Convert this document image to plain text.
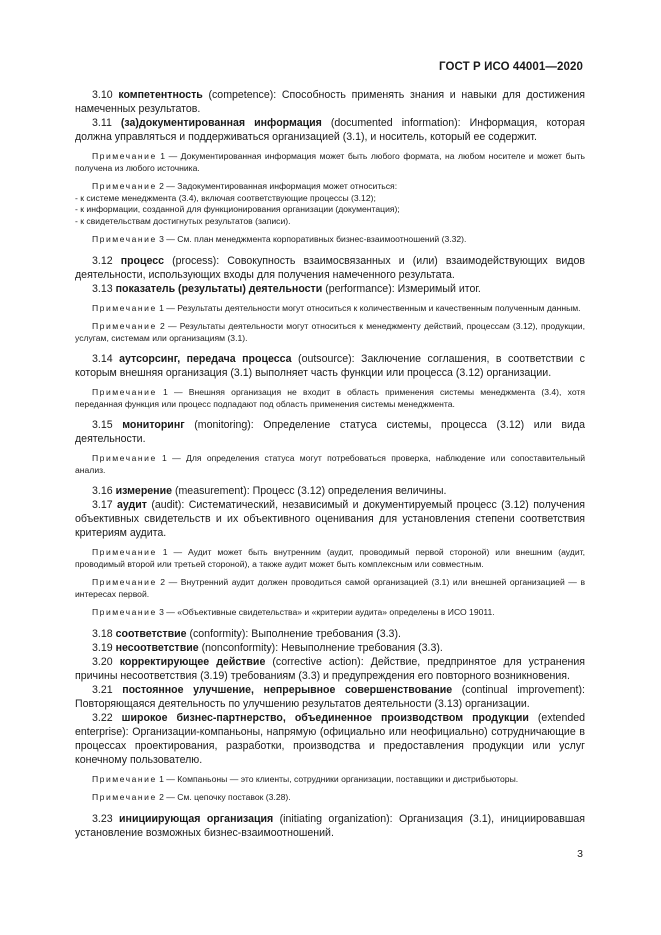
ГОСТ Р ИСО 44001—2020

3.10 компетентность (competence): Способность применять знания и навыки для достижения намеченных результатов.

3.11 (за)документированная информация (documented information): Информация, которая должна управляться и поддерживаться организацией (3.1), и носитель, который ее содержит.

Примечание 1 — Документированная информация может быть любого формата, на любом носителе и может быть получена из любого источника.

Примечание 2 — Задокументированная информация может относиться:

- к системе менеджмента (3.4), включая соответствующие процессы (3.12);

- к информации, созданной для функционирования организации (документация);

- к свидетельствам достигнутых результатов (записи).

Примечание 3 — См. план менеджмента корпоративных бизнес-взаимоотношений (3.32).

3.12 процесс (process): Совокупность взаимосвязанных и (или) взаимодействующих видов деятельности, использующих входы для получения намеченного результата.

3.13 показатель (результаты) деятельности (performance): Измеримый итог.

Примечание 1 — Результаты деятельности могут относиться к количественным и качественным полученным данным.

Примечание 2 — Результаты деятельности могут относиться к менеджменту действий, процессам (3.12), продукции, услугам, системам или организациям (3.1).

3.14 аутсорсинг, передача процесса (outsource): Заключение соглашения, в соответствии с которым внешняя организация (3.1) выполняет часть функции или процесса (3.12) организации.

Примечание 1 — Внешняя организация не входит в область применения системы менеджмента (3.4), хотя переданная функция или процесс подпадают под область применения системы менеджмента.

3.15 мониторинг (monitoring): Определение статуса системы, процесса (3.12) или вида деятельности.

Примечание 1 — Для определения статуса могут потребоваться проверка, наблюдение или сопоставительный анализ.

3.16 измерение (measurement): Процесс (3.12) определения величины.

3.17 аудит (audit): Систематический, независимый и документируемый процесс (3.12) получения объективных свидетельств и их объективного оценивания для установления степени соответствия критериям аудита.

Примечание 1 — Аудит может быть внутренним (аудит, проводимый первой стороной) или внешним (аудит, проводимый второй или третьей стороной), а также аудит может быть комплексным или совместным.

Примечание 2 — Внутренний аудит должен проводиться самой организацией (3.1) или внешней организацией — в интересах первой.

Примечание 3 — «Объективные свидетельства» и «критерии аудита» определены в ИСО 19011.

3.18 соответствие (conformity): Выполнение требования (3.3).

3.19 несоответствие (nonconformity): Невыполнение требования (3.3).

3.20 корректирующее действие (corrective action): Действие, предпринятое для устранения причины несоответствия (3.19) требованиям (3.3) и предупреждения его повторного возникновения.

3.21 постоянное улучшение, непрерывное совершенствование (continual improvement): Повторяющаяся деятельность по улучшению результатов деятельности (3.13) организации.

3.22 широкое бизнес-партнерство, объединенное производством продукции (extended enterprise): Организации-компаньоны, напрямую (официально или неофициально) сотрудничающие в процессах проектирования, разработки, производства и предоставления продукции или услуг конечному пользователю.

Примечание 1 — Компаньоны — это клиенты, сотрудники организации, поставщики и дистрибьюторы.

Примечание 2 — См. цепочку поставок (3.28).

3.23 инициирующая организация (initiating organization): Организация (3.1), инициировавшая установление возможных бизнес-взаимоотношений.

3
